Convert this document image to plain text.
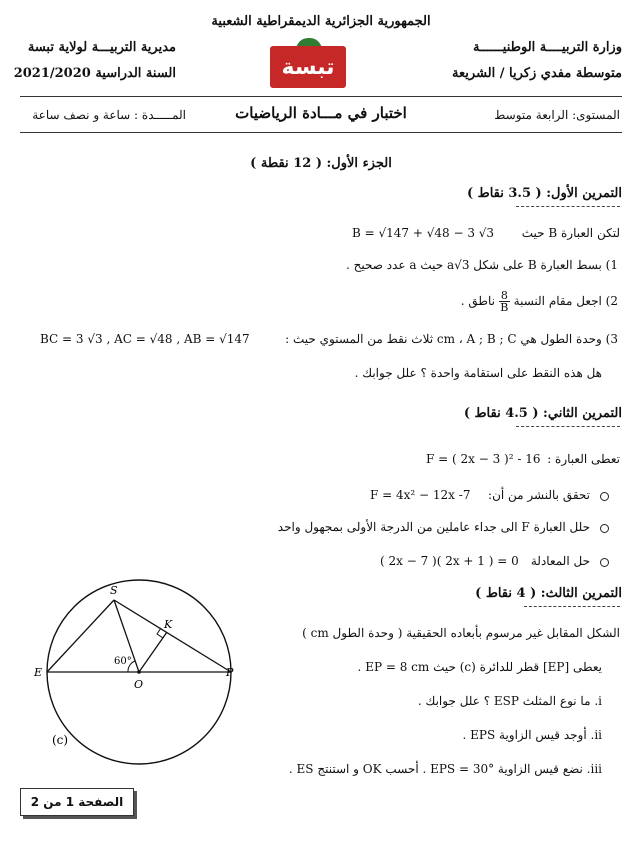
الجمهورية الجزائرية الديمقراطية الشعبية
وزارة التربيــــة الوطنيــــــة
متوسطة مفدي زكريا / الشريعة
مديرية التربيـــة لولاية تبسة
السنة الدراسية 2021/2020	تبسة
المستوى: الرابعة متوسط
اختبار في مـــادة الرياضيات
المـــــدة : ساعة و نصف ساعة
الجزء الأول: ( 12 نقطة )
التمرين الأول: ( 3.5 نقاط )
لتكن العبارة B حيث
B = √147 + √48 − 3 √3
1) بسط العبارة B على شكل a√3 حيث a عدد صحيح .
2) اجعل مقام النسبة
$\frac{8}{B}$
ناطق .
3) وحدة الطول هي cm ، A ; B ; C ثلاث نقط من المستوي حيث :
BC = 3 √3 , AC = √48 , AB = √147
هل هذه النقط على استقامة واحدة ؟ علل جوابك .
التمرين الثاني: ( 4.5 نقاط )
تعطى العبارة :
F = ( 2x − 3 )² - 16
تحقق بالنشر من أن:
F = 4x² − 12x -7
حلل العبارة F الى جداء عاملين من الدرجة الأولى بمجهول واحد
حل المعادلة
( 2x − 7 )( 2x + 1 ) = 0
التمرين الثالث: ( 4 نقاط )
الشكل المقابل غير مرسوم بأبعاده الحقيقية ( وحدة الطول cm )
يعطى [EP] قطر للدائرة (c) حيث EP = 8 cm .
i. ما نوع المثلث ESP ؟ علل جوابك .
ii. أوجد قيس الزاوية EPS .
iii. نضع قيس الزاوية EPS = 30° . أحسب OK و استنتج ES .
S
K
E
O
P
60°
(c)
الصفحة 1 من 2
